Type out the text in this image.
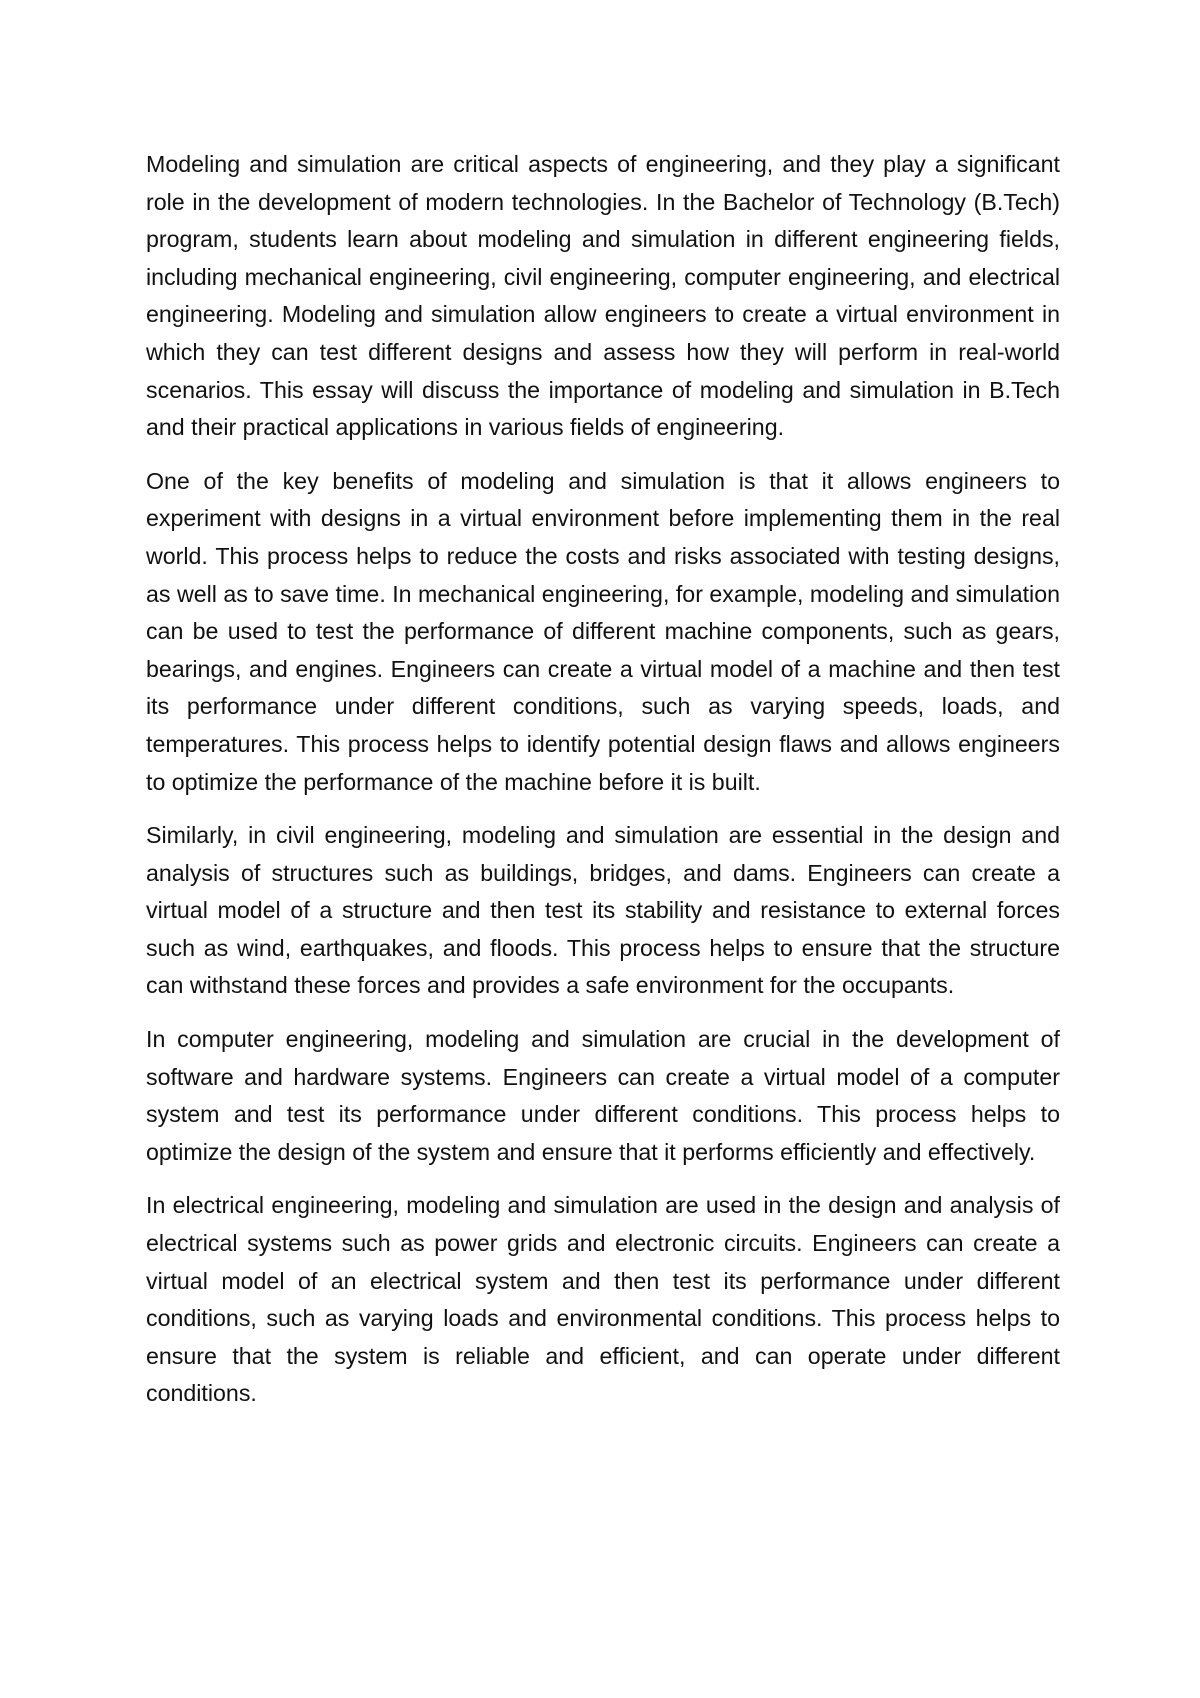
Modeling and simulation are critical aspects of engineering, and they play a significant role in the development of modern technologies. In the Bachelor of Technology (B.Tech) program, students learn about modeling and simulation in different engineering fields, including mechanical engineering, civil engineering, computer engineering, and electrical engineering. Modeling and simulation allow engineers to create a virtual environment in which they can test different designs and assess how they will perform in real-world scenarios. This essay will discuss the importance of modeling and simulation in B.Tech and their practical applications in various fields of engineering.

One of the key benefits of modeling and simulation is that it allows engineers to experiment with designs in a virtual environment before implementing them in the real world. This process helps to reduce the costs and risks associated with testing designs, as well as to save time. In mechanical engineering, for example, modeling and simulation can be used to test the performance of different machine components, such as gears, bearings, and engines. Engineers can create a virtual model of a machine and then test its performance under different conditions, such as varying speeds, loads, and temperatures. This process helps to identify potential design flaws and allows engineers to optimize the performance of the machine before it is built.

Similarly, in civil engineering, modeling and simulation are essential in the design and analysis of structures such as buildings, bridges, and dams. Engineers can create a virtual model of a structure and then test its stability and resistance to external forces such as wind, earthquakes, and floods. This process helps to ensure that the structure can withstand these forces and provides a safe environment for the occupants.

In computer engineering, modeling and simulation are crucial in the development of software and hardware systems. Engineers can create a virtual model of a computer system and test its performance under different conditions. This process helps to optimize the design of the system and ensure that it performs efficiently and effectively.

In electrical engineering, modeling and simulation are used in the design and analysis of electrical systems such as power grids and electronic circuits. Engineers can create a virtual model of an electrical system and then test its performance under different conditions, such as varying loads and environmental conditions. This process helps to ensure that the system is reliable and efficient, and can operate under different conditions.
